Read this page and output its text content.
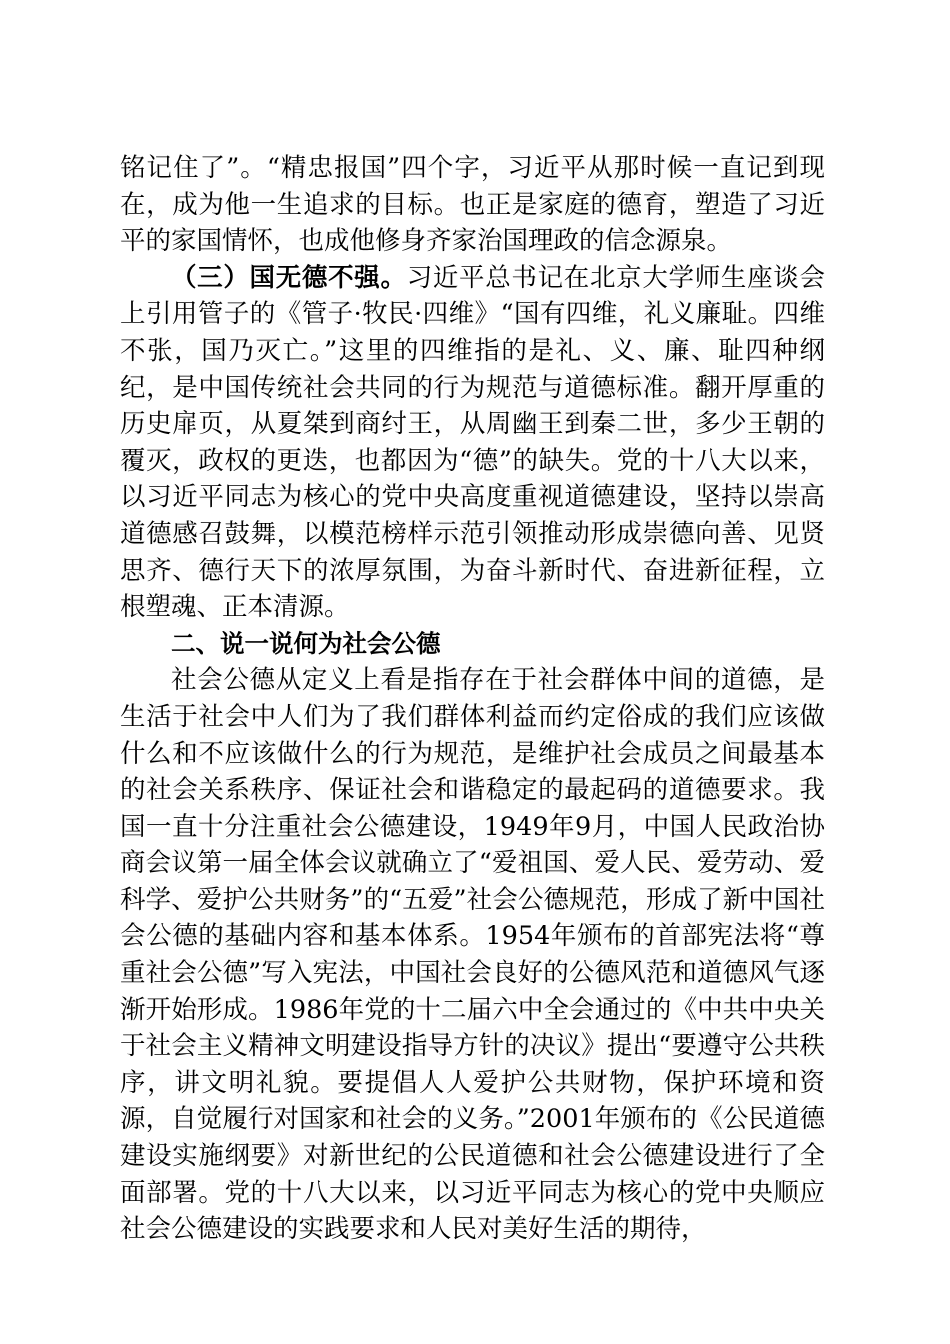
铭记住了”。“精忠报国”四个字，习近平从那时候一直记到现在，成为他一生追求的目标。也正是家庭的德育，塑造了习近平的家国情怀，也成他修身齐家治国理政的信念源泉。

（三）国无德不强。习近平总书记在北京大学师生座谈会上引用管子的《管子·牧民·四维》“国有四维，礼义廉耻。四维不张，国乃灭亡。”这里的四维指的是礼、义、廉、耻四种纲纪，是中国传统社会共同的行为规范与道德标准。翻开厚重的历史扉页，从夏桀到商纣王，从周幽王到秦二世，多少王朝的覆灭，政权的更迭，也都因为“德”的缺失。党的十八大以来，以习近平同志为核心的党中央高度重视道德建设，坚持以崇高道德感召鼓舞，以模范榜样示范引领推动形成崇德向善、见贤思齐、德行天下的浓厚氛围，为奋斗新时代、奋进新征程，立根塑魂、正本清源。

二、说一说何为社会公德

社会公德从定义上看是指存在于社会群体中间的道德，是生活于社会中人们为了我们群体利益而约定俗成的我们应该做什么和不应该做什么的行为规范，是维护社会成员之间最基本的社会关系秩序、保证社会和谐稳定的最起码的道德要求。我国一直十分注重社会公德建设，1949年9月，中国人民政治协商会议第一届全体会议就确立了“爱祖国、爱人民、爱劳动、爱科学、爱护公共财务”的“五爱”社会公德规范，形成了新中国社会公德的基础内容和基本体系。1954年颁布的首部宪法将“尊重社会公德”写入宪法，中国社会良好的公德风范和道德风气逐渐开始形成。1986年党的十二届六中全会通过的《中共中央关于社会主义精神文明建设指导方针的决议》提出“要遵守公共秩序，讲文明礼貌。要提倡人人爱护公共财物，保护环境和资源，自觉履行对国家和社会的义务。”2001年颁布的《公民道德建设实施纲要》对新世纪的公民道德和社会公德建设进行了全面部署。党的十八大以来，以习近平同志为核心的党中央顺应社会公德建设的实践要求和人民对美好生活的期待，
